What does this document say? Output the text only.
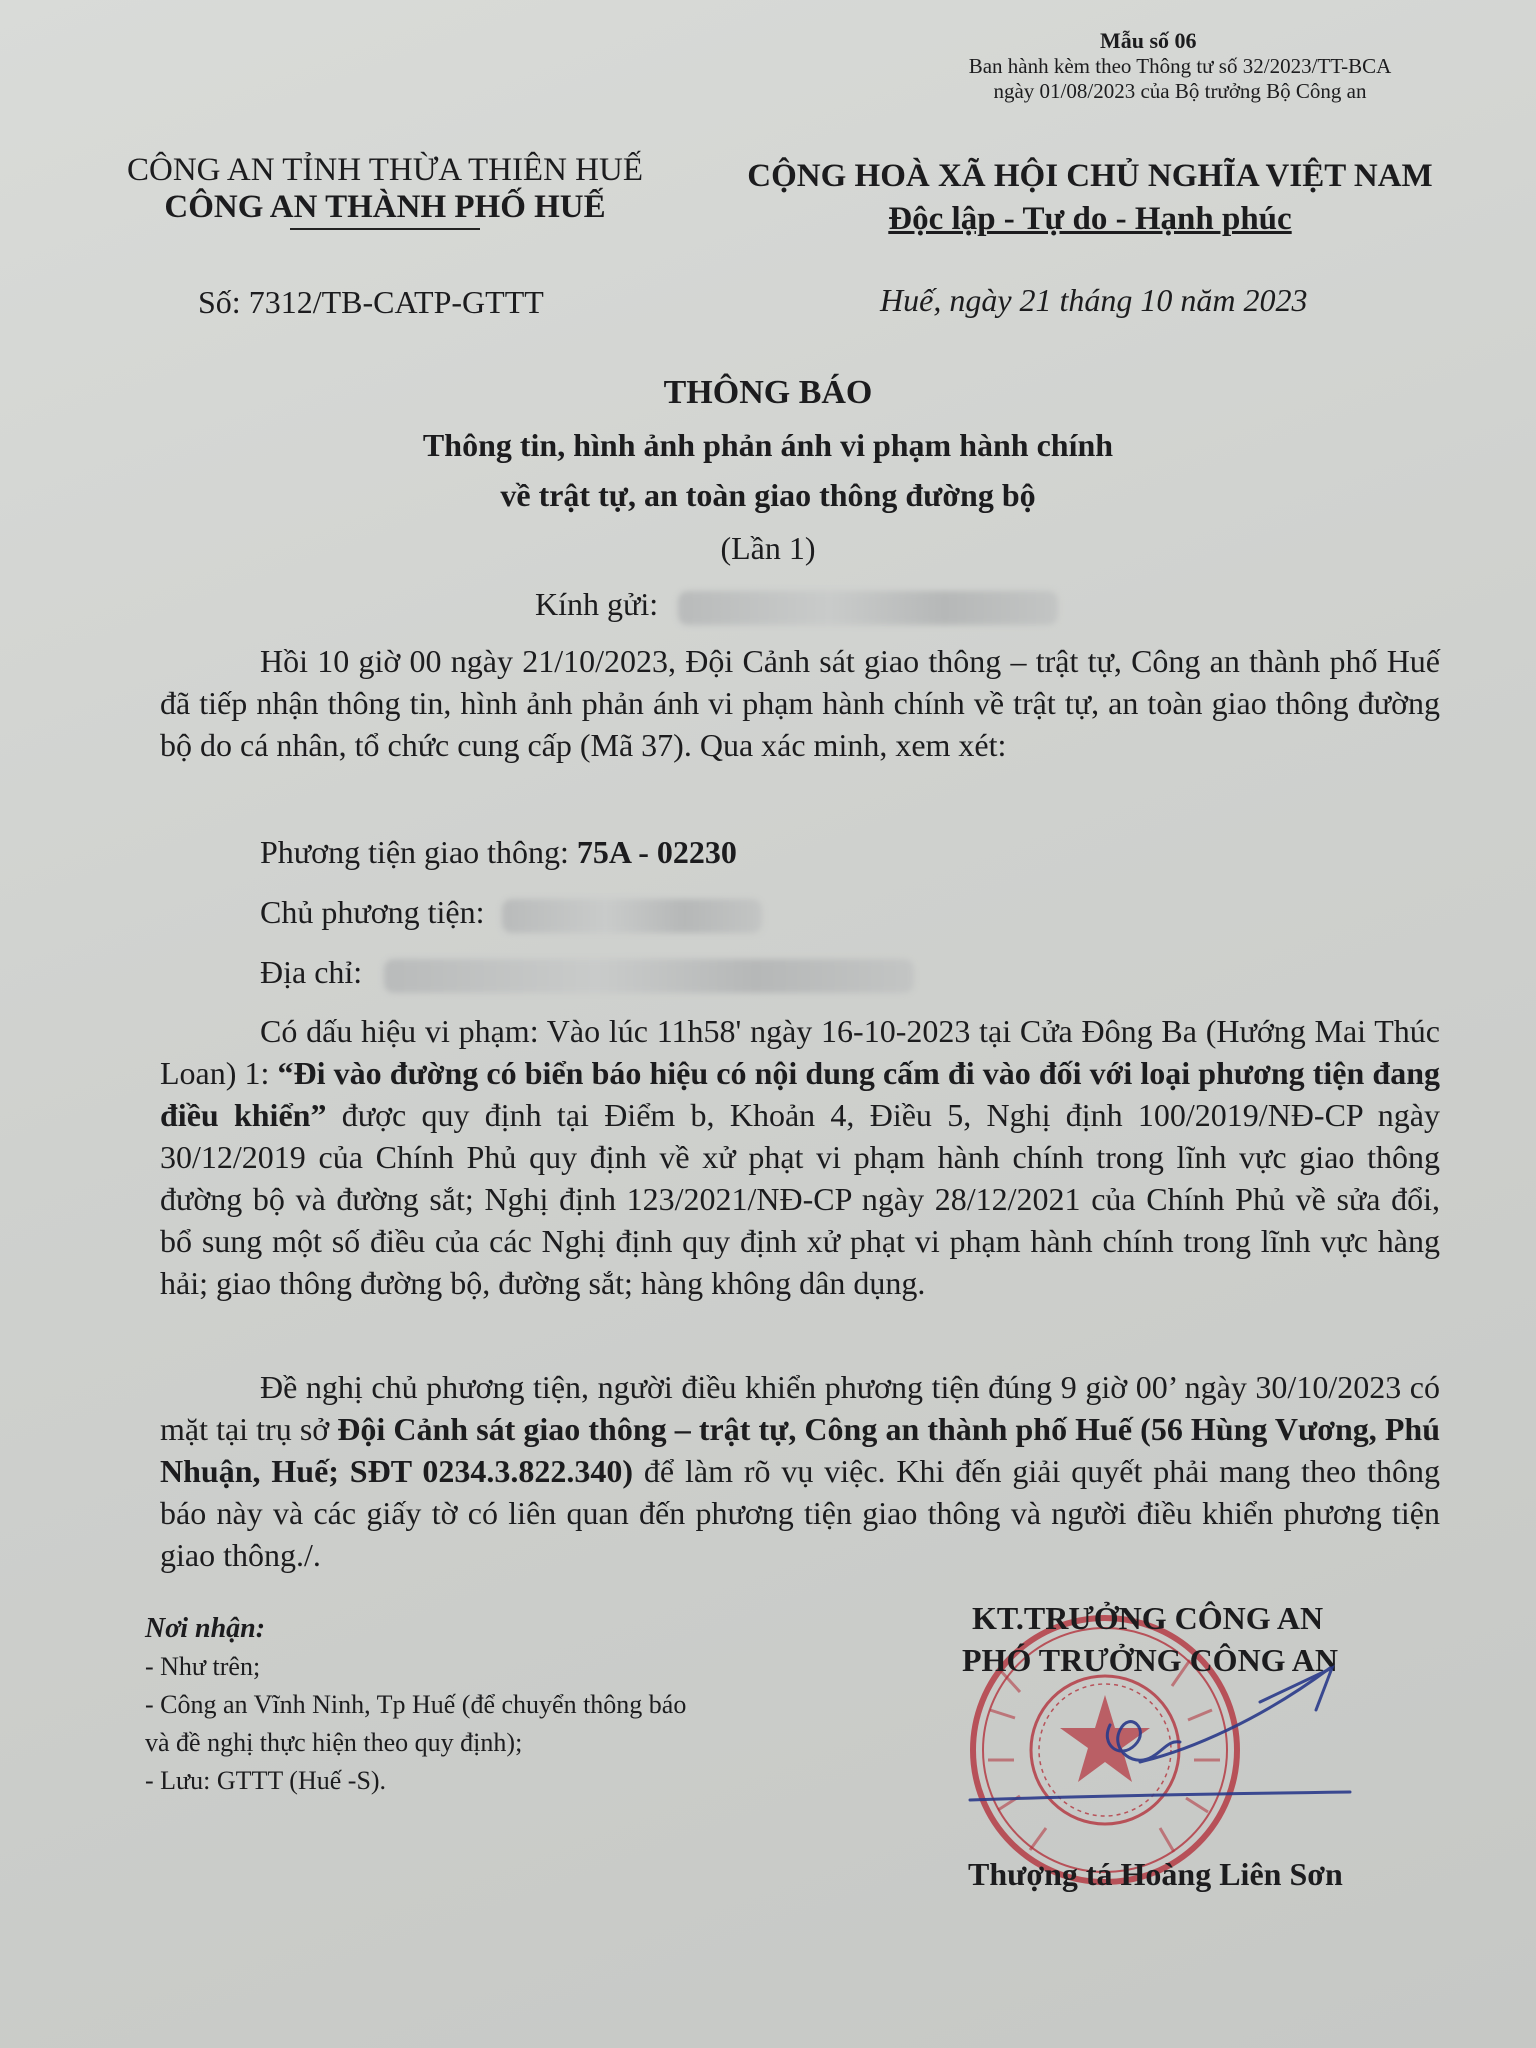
Mẫu số 06
Ban hành kèm theo Thông tư số 32/2023/TT-BCA
ngày 01/08/2023 của Bộ trưởng Bộ Công an
CÔNG AN TỈNH THỪA THIÊN HUẾ
CÔNG AN THÀNH PHỐ HUẾ
Số: 7312/TB-CATP-GTTT
CỘNG HOÀ XÃ HỘI CHỦ NGHĨA VIỆT NAM
Độc lập - Tự do - Hạnh phúc
Huế, ngày 21 tháng 10 năm 2023
THÔNG BÁO
Thông tin, hình ảnh phản ánh vi phạm hành chính
về trật tự, an toàn giao thông đường bộ
(Lần 1)
Kính gửi:

Hồi 10 giờ 00 ngày 21/10/2023, Đội Cảnh sát giao thông – trật tự, Công an thành phố Huế đã tiếp nhận thông tin, hình ảnh phản ánh vi phạm hành chính về trật tự, an toàn giao thông đường bộ do cá nhân, tổ chức cung cấp (Mã 37). Qua xác minh, xem xét:

Phương tiện giao thông: 75A - 02230
Chủ phương tiện:
Địa chỉ:

Có dấu hiệu vi phạm: Vào lúc 11h58' ngày 16-10-2023 tại Cửa Đông Ba (Hướng Mai Thúc Loan) 1: “Đi vào đường có biển báo hiệu có nội dung cấm đi vào đối với loại phương tiện đang điều khiển” được quy định tại Điểm b, Khoản 4, Điều 5, Nghị định 100/2019/NĐ-CP ngày 30/12/2019 của Chính Phủ quy định về xử phạt vi phạm hành chính trong lĩnh vực giao thông đường bộ và đường sắt; Nghị định 123/2021/NĐ-CP ngày 28/12/2021 của Chính Phủ về sửa đổi, bổ sung một số điều của các Nghị định quy định xử phạt vi phạm hành chính trong lĩnh vực hàng hải; giao thông đường bộ, đường sắt; hàng không dân dụng.

Đề nghị chủ phương tiện, người điều khiển phương tiện đúng 9 giờ 00’ ngày 30/10/2023 có mặt tại trụ sở Đội Cảnh sát giao thông – trật tự, Công an thành phố Huế (56 Hùng Vương, Phú Nhuận, Huế; SĐT 0234.3.822.340) để làm rõ vụ việc. Khi đến giải quyết phải mang theo thông báo này và các giấy tờ có liên quan đến phương tiện giao thông và người điều khiển phương tiện giao thông./.

Nơi nhận:
- Như trên;
- Công an Vĩnh Ninh, Tp Huế (để chuyển thông báo
và đề nghị thực hiện theo quy định);
- Lưu: GTTT (Huế -S).
KT.TRƯỞNG CÔNG AN
PHÓ TRƯỞNG CÔNG AN
Thượng tá Hoàng Liên Sơn
